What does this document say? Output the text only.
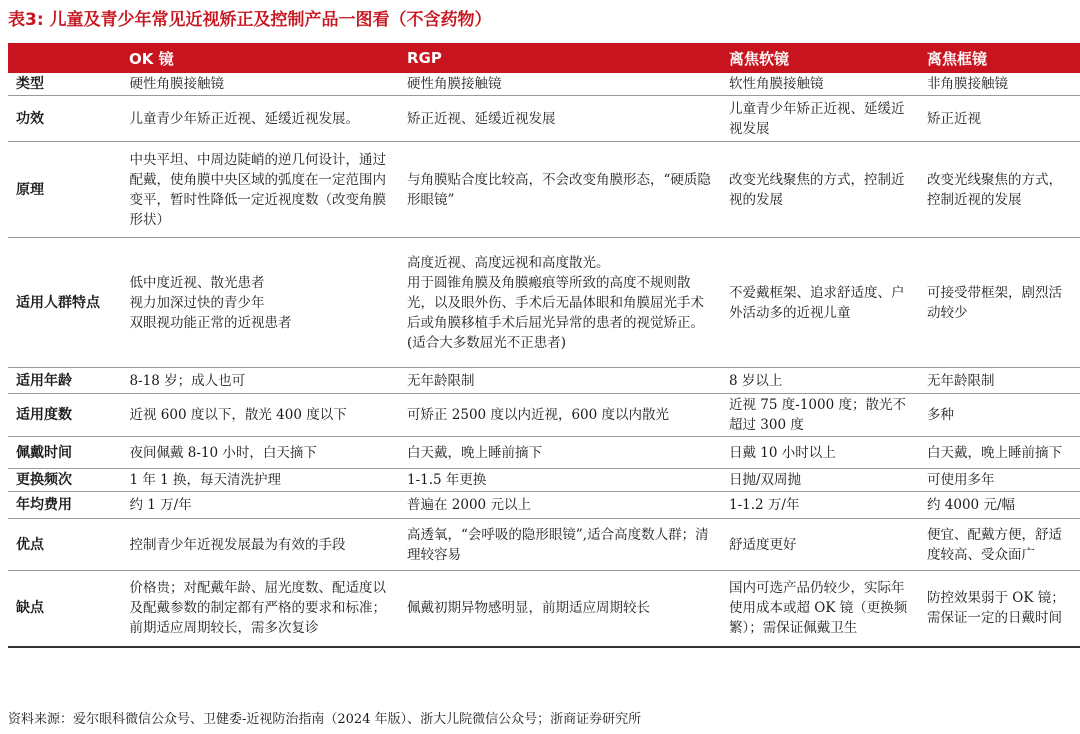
表3: 儿童及青少年常见近视矫正及控制产品一图看（不含药物）
	OK 镜	RGP	离焦软镜	离焦框镜
类型	硬性角膜接触镜	硬性角膜接触镜	软性角膜接触镜	非角膜接触镜
功效	儿童青少年矫正近视、延缓近视发展。	矫正近视、延缓近视发展	儿童青少年矫正近视、延缓近视发展	矫正近视
原理	中央平坦、中周边陡峭的逆几何设计，通过配戴，使角膜中央区域的弧度在一定范围内变平，暂时性降低一定近视度数（改变角膜形状）	与角膜贴合度比较高，不会改变角膜形态，“硬质隐形眼镜”	改变光线聚焦的方式，控制近视的发展	改变光线聚焦的方式，控制近视的发展
适用人群特点	低中度近视、散光患者
视力加深过快的青少年
双眼视功能正常的近视患者	高度近视、高度远视和高度散光。
用于圆锥角膜及角膜瘢痕等所致的高度不规则散光，以及眼外伤、手术后无晶体眼和角膜屈光手术后或角膜移植手术后屈光异常的患者的视觉矫正。(适合大多数屈光不正患者)	不爱戴框架、追求舒适度、户外活动多的近视儿童	可接受带框架，剧烈活动较少
适用年龄	8-18 岁；成人也可	无年龄限制	8 岁以上	无年龄限制
适用度数	近视 600 度以下，散光 400 度以下	可矫正 2500 度以内近视，600 度以内散光	近视 75 度-1000 度；散光不超过 300 度	多种
佩戴时间	夜间佩戴 8-10 小时，白天摘下	白天戴，晚上睡前摘下	日戴 10 小时以上	白天戴，晚上睡前摘下
更换频次	1 年 1 换，每天清洗护理	1-1.5 年更换	日抛/双周抛	可使用多年
年均费用	约 1 万/年	普遍在 2000 元以上	1-1.2 万/年	约 4000 元/幅
优点	控制青少年近视发展最为有效的手段	高透氧，“会呼吸的隐形眼镜”,适合高度数人群；清理较容易	舒适度更好	便宜、配戴方便，舒适度较高、受众面广
缺点	价格贵；对配戴年龄、屈光度数、配适度以及配戴参数的制定都有严格的要求和标准；前期适应周期较长，需多次复诊	佩戴初期异物感明显，前期适应周期较长	国内可选产品仍较少，实际年使用成本或超 OK 镜（更换频繁）；需保证佩戴卫生	防控效果弱于 OK 镜；需保证一定的日戴时间
资料来源：爱尔眼科微信公众号、卫健委-近视防治指南（2024 年版）、浙大儿院微信公众号；浙商证券研究所
